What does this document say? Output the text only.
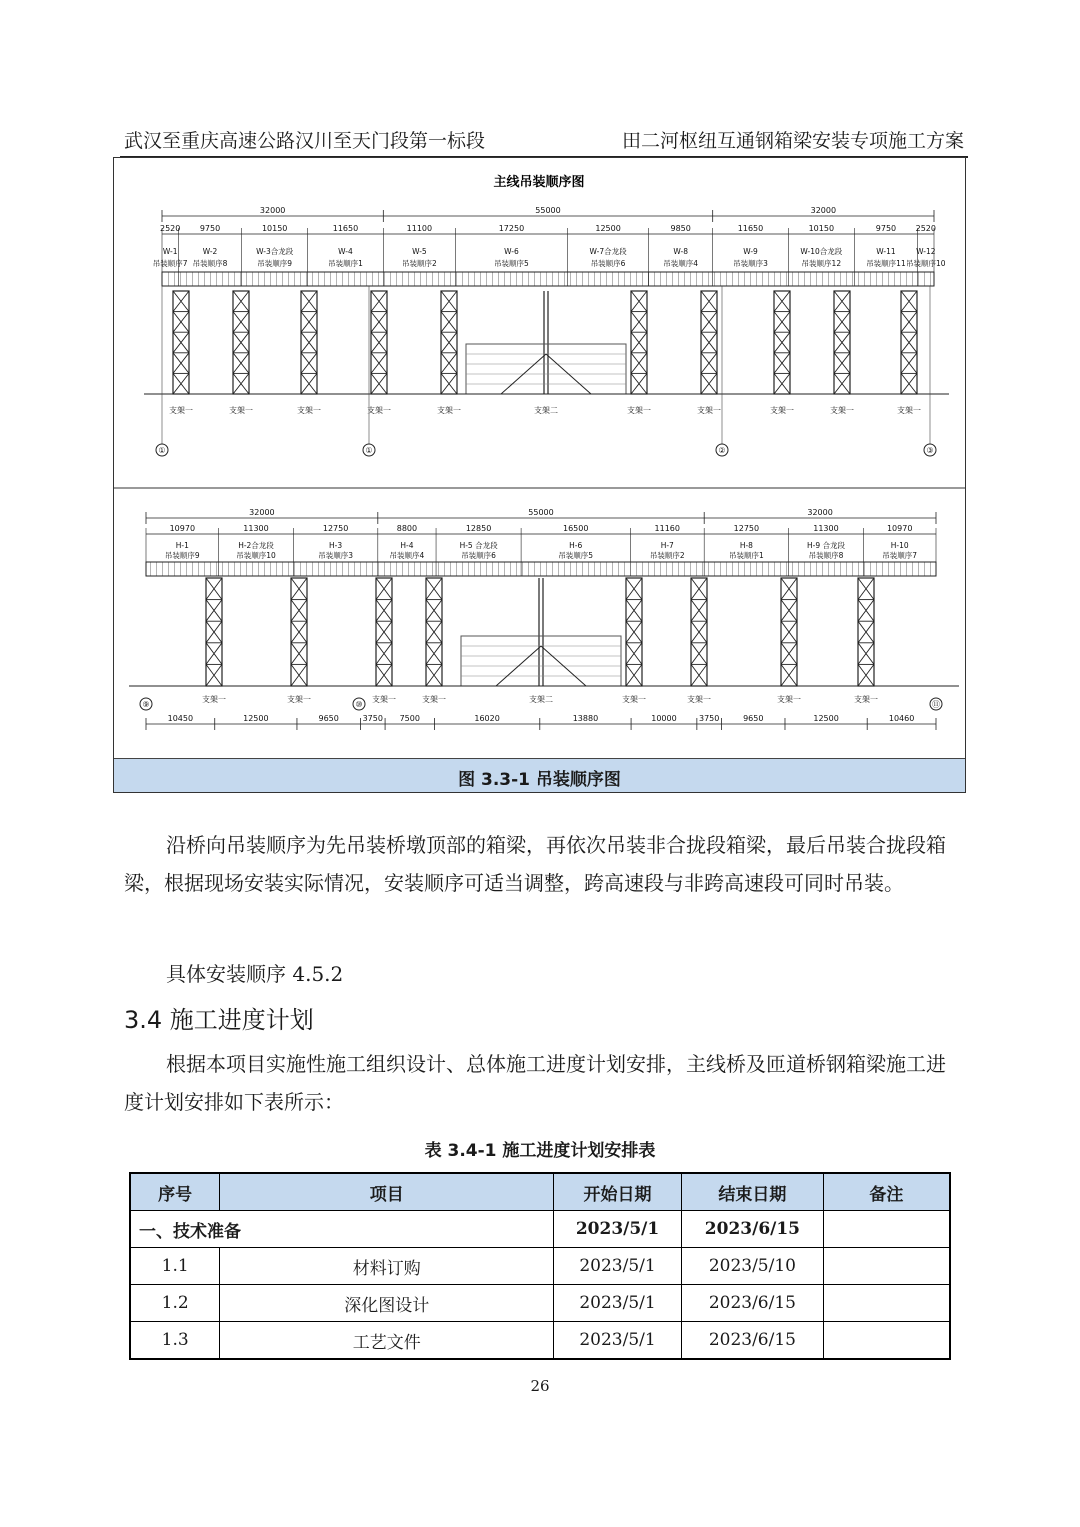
武汉至重庆高速公路汉川至天门段第一标段	田二河枢纽互通钢箱梁安装专项施工方案
主线吊装顺序图
32000	55000	32000
2520 9750	10150	11650	11100	17250	12500	9850	11650	10150	9750 2520
W-1
吊装顺序7
W-2
吊装顺序8
W-3合龙段
吊装顺序9
W-4
吊装顺序1
W-5
吊装顺序2
W-6
吊装顺序5
W-7合龙段
吊装顺序6
W-8
吊装顺序4
W-9
吊装顺序3
W-10合龙段
吊装顺序12
W-11
吊装顺序11
W-12
吊装顺序10
支架一	支架一	支架一	支架一	支架一	支架一	支架一	支架一	支架一	支架一
支架二
①	①	②	③
32000	55000	32000
10970	11300	12750	8800	12850	16500	11160	12750	11300	10970
H-1
吊装顺序9
H-2合龙段
吊装顺序10
H-3
吊装顺序3
H-4
吊装顺序4
H-5 合龙段
吊装顺序6
H-6
吊装顺序5
H-7
吊装顺序2
H-8
吊装顺序1
H-9 合龙段
吊装顺序8
H-10
吊装顺序7
支架一	支架一	支架一	支架一	支架一	支架一	支架一	支架一
支架二
10450	12500	9650	3750 7500	16020	13880	10000	3750	9650	12500	10460
⑨	⑩	⑪
图 3.3-1 吊装顺序图

沿桥向吊装顺序为先吊装桥墩顶部的箱梁，再依次吊装非合拢段箱梁，最后吊装合拢段箱梁，根据现场安装实际情况，安装顺序可适当调整，跨高速段与非跨高速段可同时吊装。

具体安装顺序 4.5.2

3.4 施工进度计划

根据本项目实施性施工组织设计、总体施工进度计划安排，主线桥及匝道桥钢箱梁施工进度计划安排如下表所示：

表 3.4-1 施工进度计划安排表
序号	项目	开始日期	结束日期	备注
一、技术准备		2023/5/1	2023/6/15	
1.1	材料订购	2023/5/1	2023/5/10	
1.2	深化图设计	2023/5/1	2023/6/15	
1.3	工艺文件	2023/5/1	2023/6/15	
26
